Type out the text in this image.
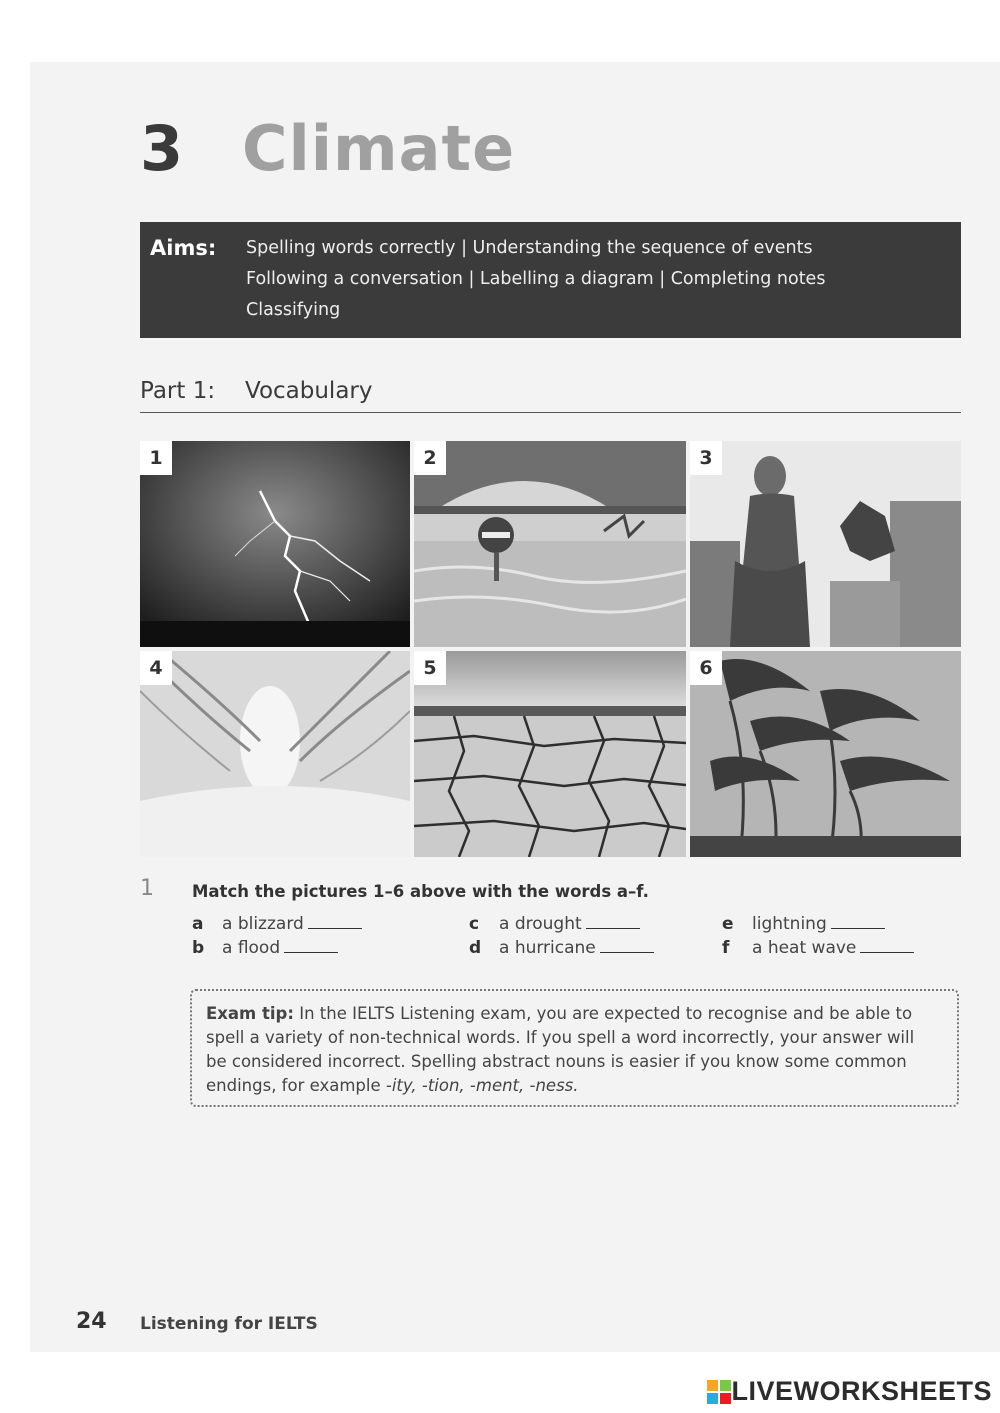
3 Climate
Aims: Spelling words correctly | Understanding the sequence of events
Following a conversation | Labelling a diagram | Completing notes
Classifying
Part 1: Vocabulary
1	2	3
4	5	6
1 Match the pictures 1–6 above with the words a–f.
a a blizzard
b a flood
c a drought
d a hurricane
e lightning
f a heat wave
Exam tip: In the IELTS Listening exam, you are expected to recognise and be able to
spell a variety of non-technical words. If you spell a word incorrectly, your answer will
be considered incorrect. Spelling abstract nouns is easier if you know some common
endings, for example -ity, -tion, -ment, -ness.
24 Listening for IELTS
LIVEWORKSHEETS
